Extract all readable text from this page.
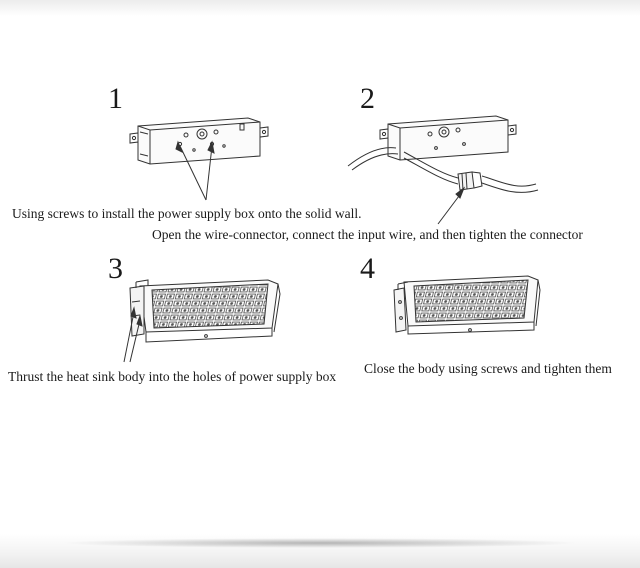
1
Using screws to install the power supply box onto the solid wall.
2
Open the wire-connector, connect the input wire, and then tighten the connector
3
Thrust the heat sink body into the holes of power supply box
4
Close the body using screws and tighten them
